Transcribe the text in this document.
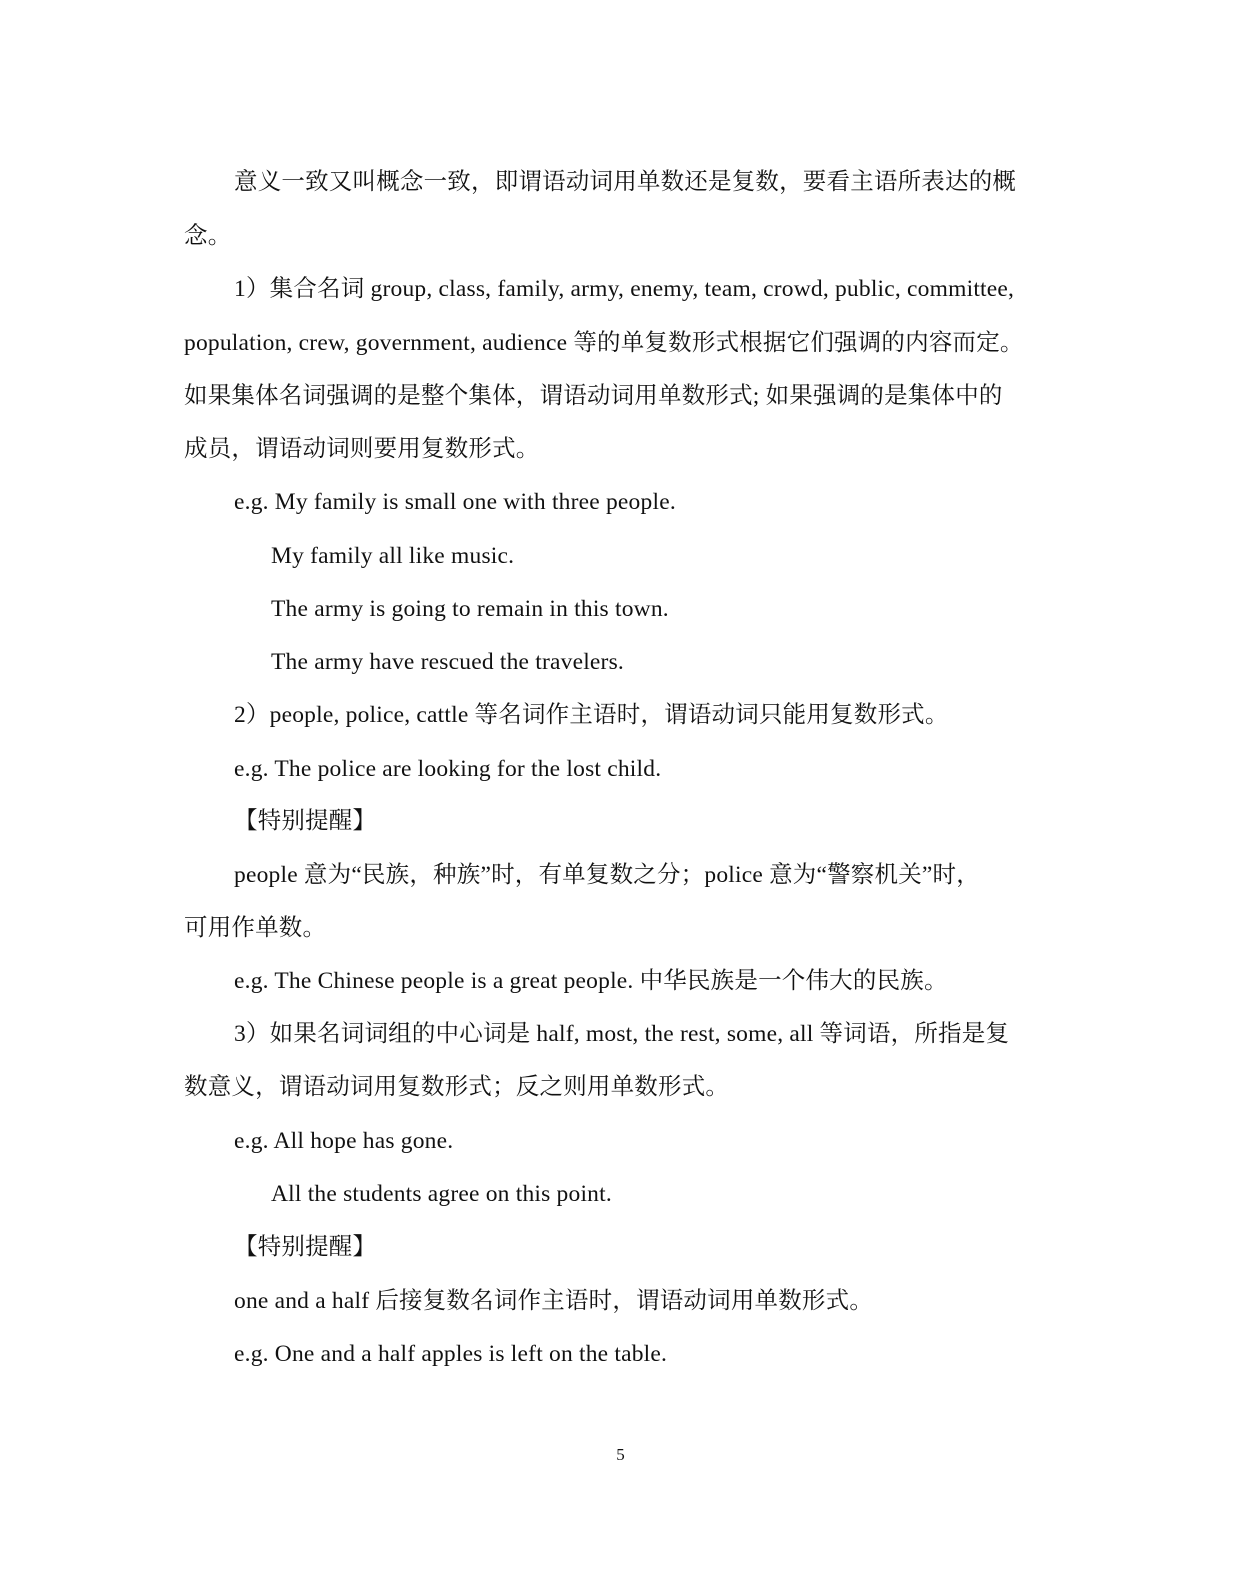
意义一致又叫概念一致，即谓语动词用单数还是复数，要看主语所表达的概
念。
1）集合名词 group, class, family, army, enemy, team, crowd, public, committee,
population, crew, government, audience 等的单复数形式根据它们强调的内容而定。
如果集体名词强调的是整个集体，谓语动词用单数形式; 如果强调的是集体中的
成员，谓语动词则要用复数形式。
e.g. My family is small one with three people.
My family all like music.
The army is going to remain in this town.
The army have rescued the travelers.
2）people, police, cattle 等名词作主语时，谓语动词只能用复数形式。
e.g. The police are looking for the lost child.
【特别提醒】
people 意为“民族，种族”时，有单复数之分；police 意为“警察机关”时，
可用作单数。
e.g. The Chinese people is a great people. 中华民族是一个伟大的民族。
3）如果名词词组的中心词是 half, most, the rest, some, all 等词语，所指是复
数意义，谓语动词用复数形式；反之则用单数形式。
e.g. All hope has gone.
All the students agree on this point.
【特别提醒】
one and a half 后接复数名词作主语时，谓语动词用单数形式。
e.g. One and a half apples is left on the table.
5
